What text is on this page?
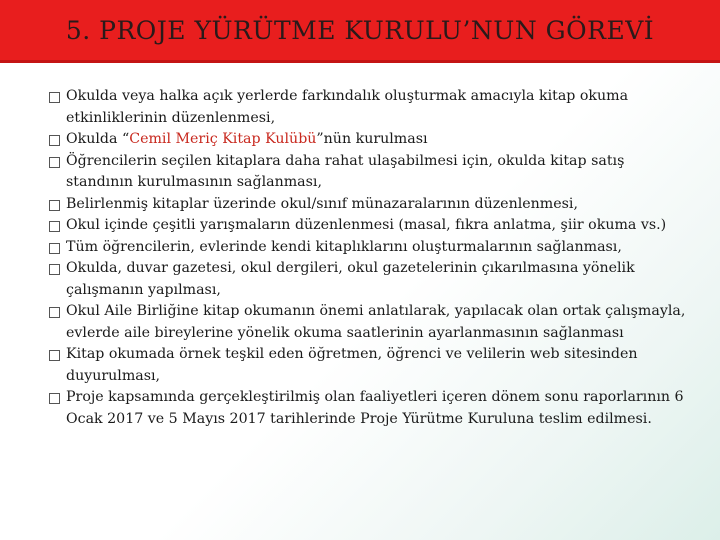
5. PROJE YÜRÜTME KURULU’NUN GÖREVİ
Okulda veya halka açık yerlerde farkındalık oluşturmak amacıyla kitap okuma etkinliklerinin düzenlenmesi,
Okulda “Cemil Meriç Kitap Kulübü”nün kurulması
Öğrencilerin seçilen kitaplara daha rahat ulaşabilmesi için, okulda kitap satış standının kurulmasının sağlanması,
Belirlenmiş kitaplar üzerinde okul/sınıf münazaralarının düzenlenmesi,
Okul içinde çeşitli yarışmaların düzenlenmesi (masal, fıkra anlatma, şiir okuma vs.)
Tüm öğrencilerin, evlerinde kendi kitaplıklarını oluşturmalarının sağlanması,
Okulda, duvar gazetesi, okul dergileri, okul gazetelerinin çıkarılmasına yönelik çalışmanın yapılması,
Okul Aile Birliğine kitap okumanın önemi anlatılarak, yapılacak olan ortak çalışmayla, evlerde aile bireylerine yönelik okuma saatlerinin ayarlanmasının sağlanması
Kitap okumada örnek teşkil eden öğretmen, öğrenci ve velilerin web sitesinden duyurulması,
Proje kapsamında gerçekleştirilmiş olan faaliyetleri içeren dönem sonu raporlarının 6 Ocak 2017 ve 5 Mayıs 2017 tarihlerinde Proje Yürütme Kuruluna teslim edilmesi.
